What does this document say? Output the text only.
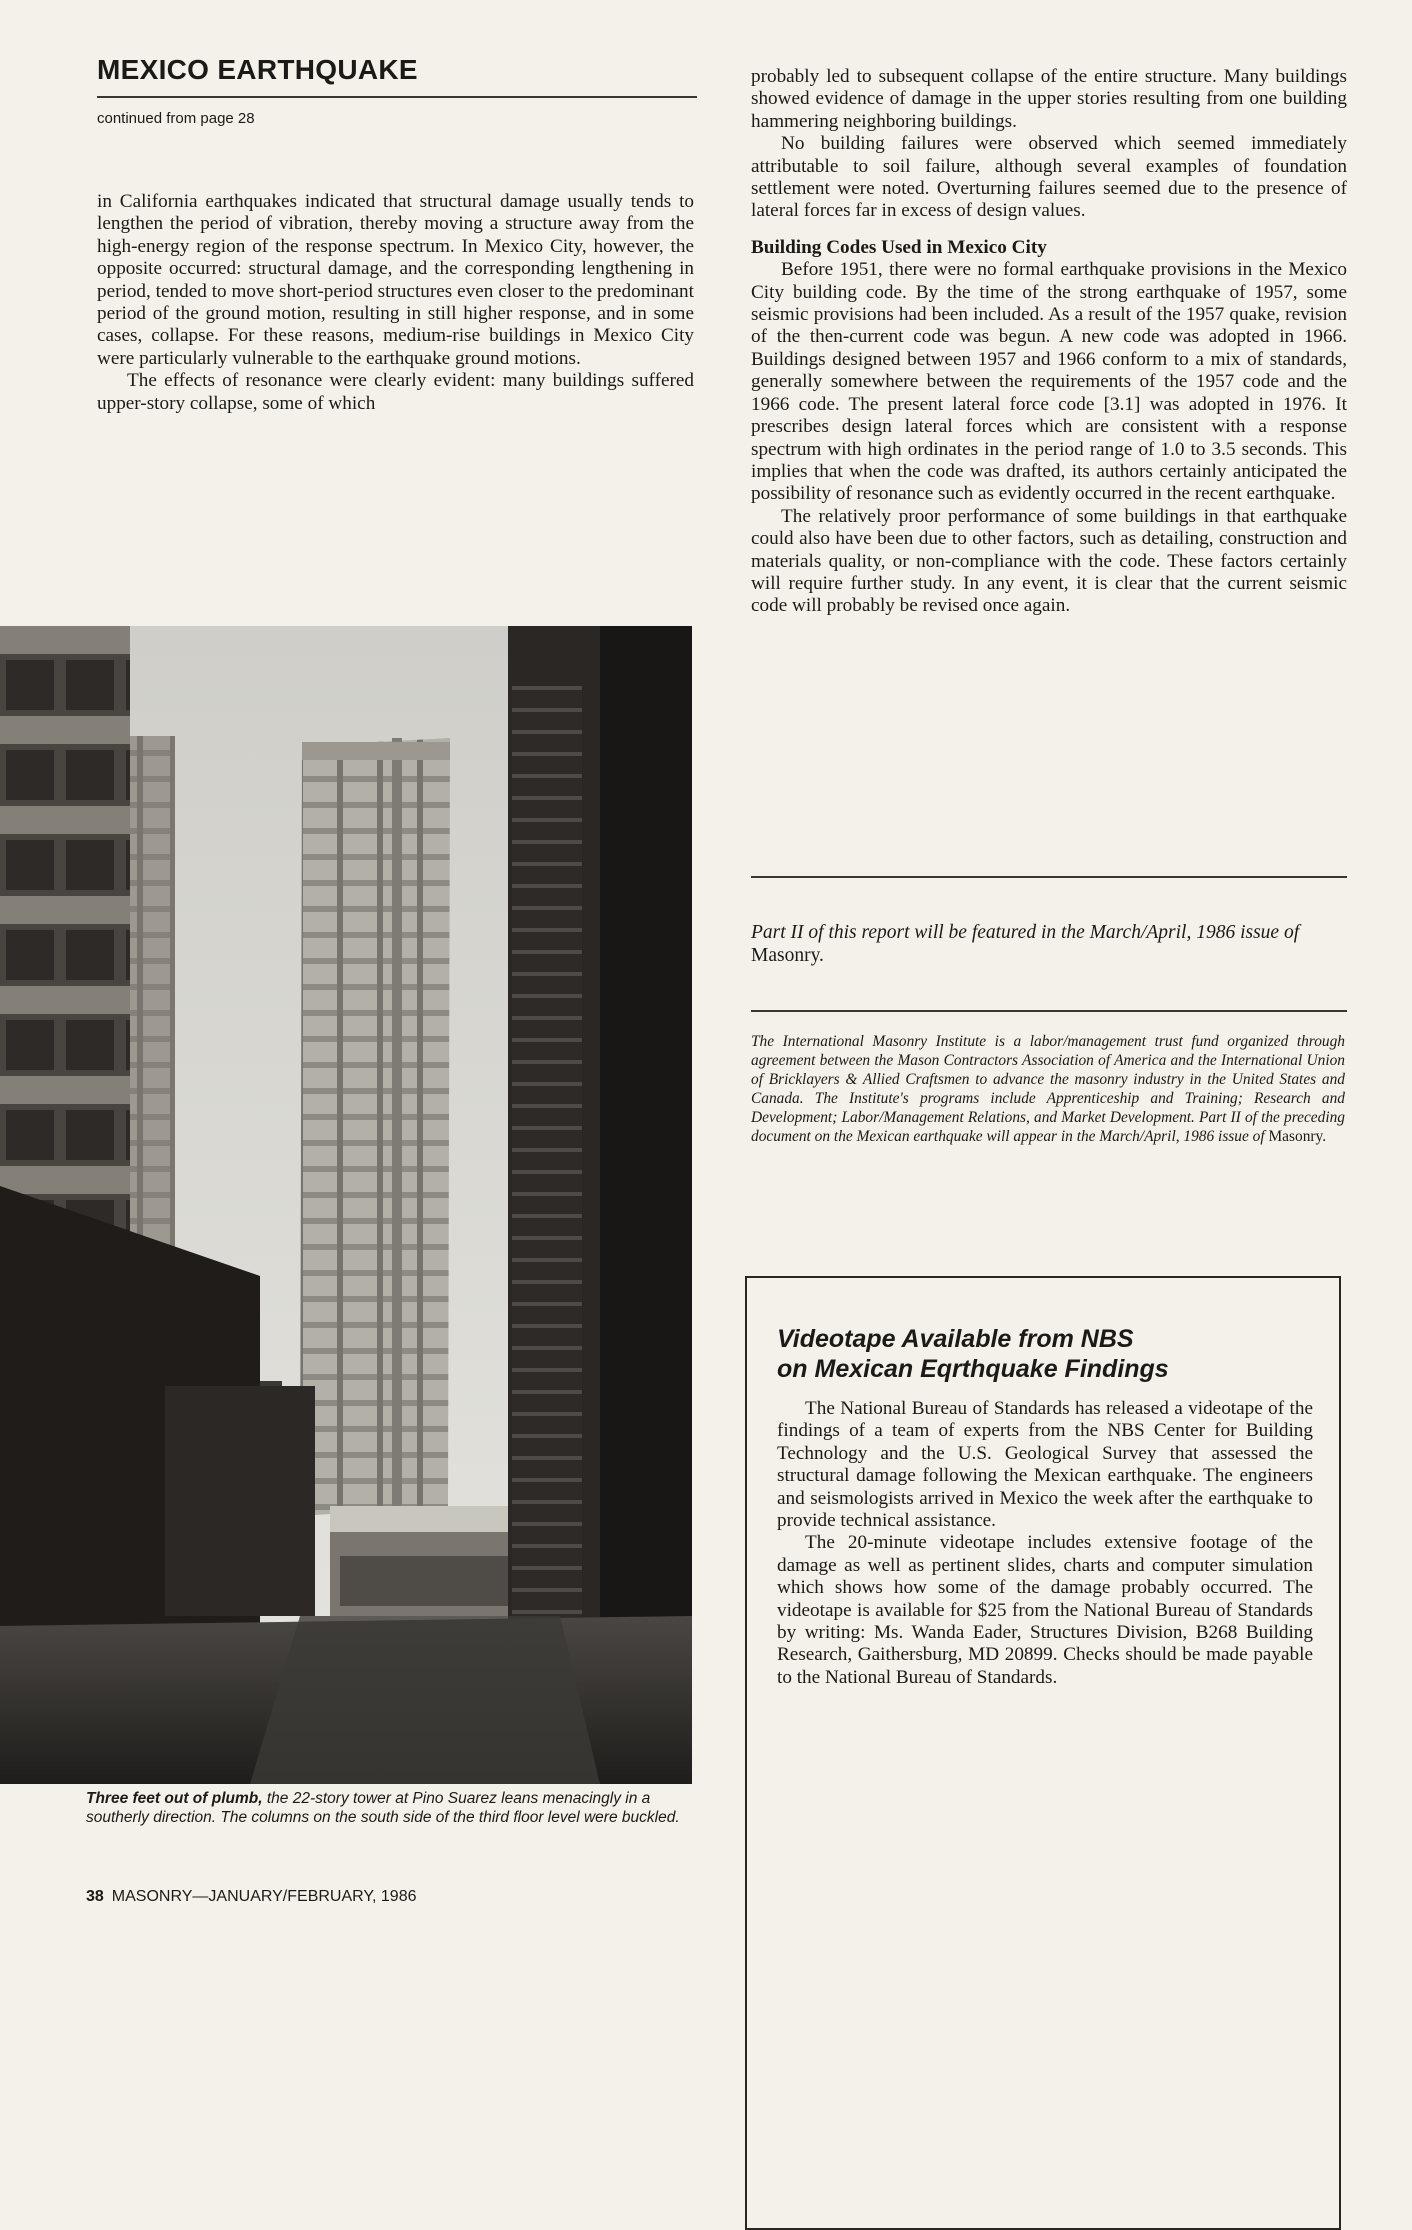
MEXICO EARTHQUAKE
continued from page 28

in California earthquakes indicated that structural damage usually tends to lengthen the period of vibration, thereby moving a structure away from the high-energy region of the response spectrum. In Mexico City, however, the opposite occurred: structural damage, and the corresponding lengthening in period, tended to move short-period structures even closer to the predominant period of the ground motion, resulting in still higher response, and in some cases, collapse. For these reasons, medium-rise buildings in Mexico City were particularly vulnerable to the earthquake ground motions.

The effects of resonance were clearly evident: many buildings suffered upper-story collapse, some of which

Three feet out of plumb, the 22-story tower at Pino Suarez leans menacingly in a southerly direction. The columns on the south side of the third floor level were buckled.

38 MASONRY—JANUARY/FEBRUARY, 1986

probably led to subsequent collapse of the entire structure. Many buildings showed evidence of damage in the upper stories resulting from one building hammering neighboring buildings.

No building failures were observed which seemed immediately attributable to soil failure, although several examples of foundation settlement were noted. Overturning failures seemed due to the presence of lateral forces far in excess of design values.

Building Codes Used in Mexico City

Before 1951, there were no formal earthquake provisions in the Mexico City building code. By the time of the strong earthquake of 1957, some seismic provisions had been included. As a result of the 1957 quake, revision of the then-current code was begun. A new code was adopted in 1966. Buildings designed between 1957 and 1966 conform to a mix of standards, generally somewhere between the requirements of the 1957 code and the 1966 code. The present lateral force code [3.1] was adopted in 1976. It prescribes design lateral forces which are consistent with a response spectrum with high ordinates in the period range of 1.0 to 3.5 seconds. This implies that when the code was drafted, its authors certainly anticipated the possibility of resonance such as evidently occurred in the recent earthquake.

The relatively proor performance of some buildings in that earthquake could also have been due to other factors, such as detailing, construction and materials quality, or non-compliance with the code. These factors certainly will require further study. In any event, it is clear that the current seismic code will probably be revised once again.

Part II of this report will be featured in the March/April, 1986 issue of Masonry.

The International Masonry Institute is a labor/management trust fund organized through agreement between the Mason Contractors Association of America and the International Union of Bricklayers & Allied Craftsmen to advance the masonry industry in the United States and Canada. The Institute's programs include Apprenticeship and Training; Research and Development; Labor/Management Relations, and Market Development. Part II of the preceding document on the Mexican earthquake will appear in the March/April, 1986 issue of Masonry.

Videotape Available from NBS
on Mexican Eqrthquake Findings

The National Bureau of Standards has released a videotape of the findings of a team of experts from the NBS Center for Building Technology and the U.S. Geological Survey that assessed the structural damage following the Mexican earthquake. The engineers and seismologists arrived in Mexico the week after the earthquake to provide technical assistance.

The 20-minute videotape includes extensive footage of the damage as well as pertinent slides, charts and computer simulation which shows how some of the damage probably occurred. The videotape is available for $25 from the National Bureau of Standards by writing: Ms. Wanda Eader, Structures Division, B268 Building Research, Gaithersburg, MD 20899. Checks should be made payable to the National Bureau of Standards.
